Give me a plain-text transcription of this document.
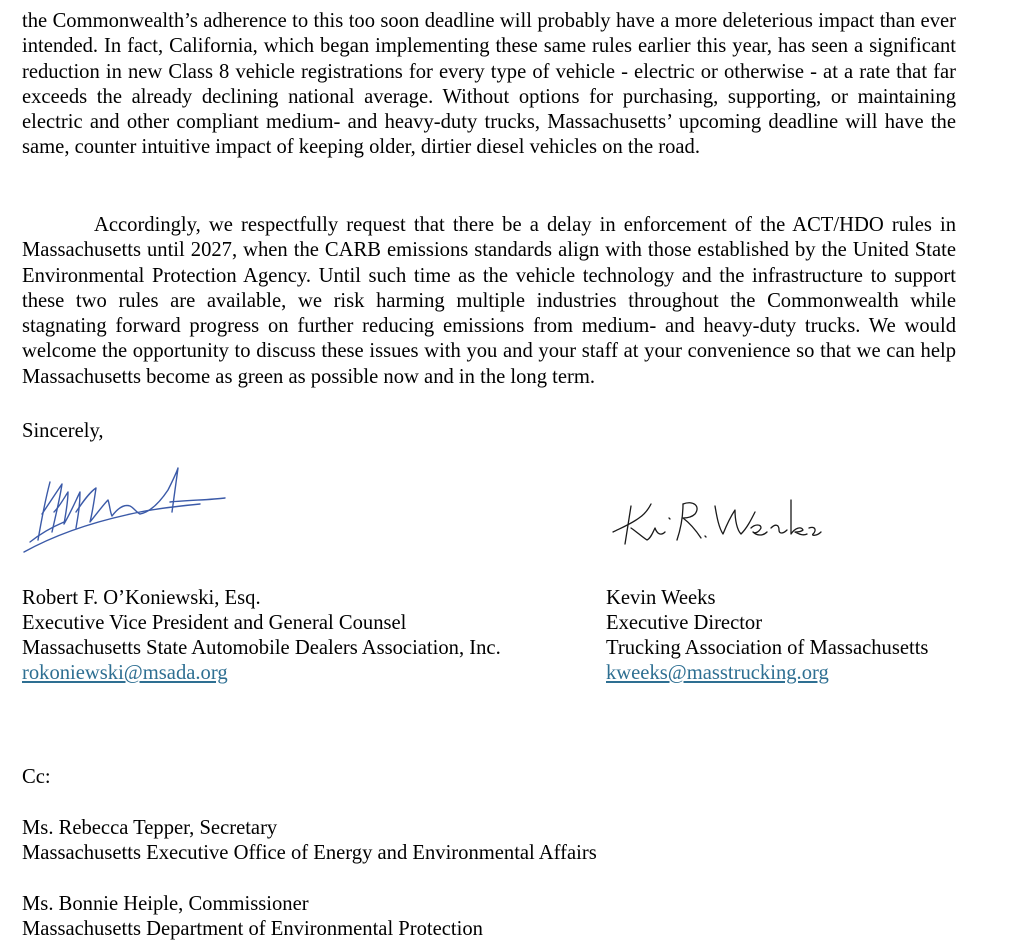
the Commonwealth’s adherence to this too soon deadline will probably have a more deleterious impact than ever intended. In fact, California, which began implementing these same rules earlier this year, has seen a significant reduction in new Class 8 vehicle registrations for every type of vehicle - electric or otherwise - at a rate that far exceeds the already declining national average. Without options for purchasing, supporting, or maintaining electric and other compliant medium- and heavy-duty trucks, Massachusetts’ upcoming deadline will have the same, counter intuitive impact of keeping older, dirtier diesel vehicles on the road.

Accordingly, we respectfully request that there be a delay in enforcement of the ACT/HDO rules in Massachusetts until 2027, when the CARB emissions standards align with those established by the United State Environmental Protection Agency. Until such time as the vehicle technology and the infrastructure to support these two rules are available, we risk harming multiple industries throughout the Commonwealth while stagnating forward progress on further reducing emissions from medium- and heavy-duty trucks. We would welcome the opportunity to discuss these issues with you and your staff at your convenience so that we can help Massachusetts become as green as possible now and in the long term.

Sincerely,
Robert F. O’Koniewski, Esq.
Executive Vice President and General Counsel
Massachusetts State Automobile Dealers Association, Inc.
rokoniewski@msada.org
Kevin Weeks
Executive Director
Trucking Association of Massachusetts
kweeks@masstrucking.org
Cc:
Ms. Rebecca Tepper, Secretary
Massachusetts Executive Office of Energy and Environmental Affairs
Ms. Bonnie Heiple, Commissioner
Massachusetts Department of Environmental Protection
